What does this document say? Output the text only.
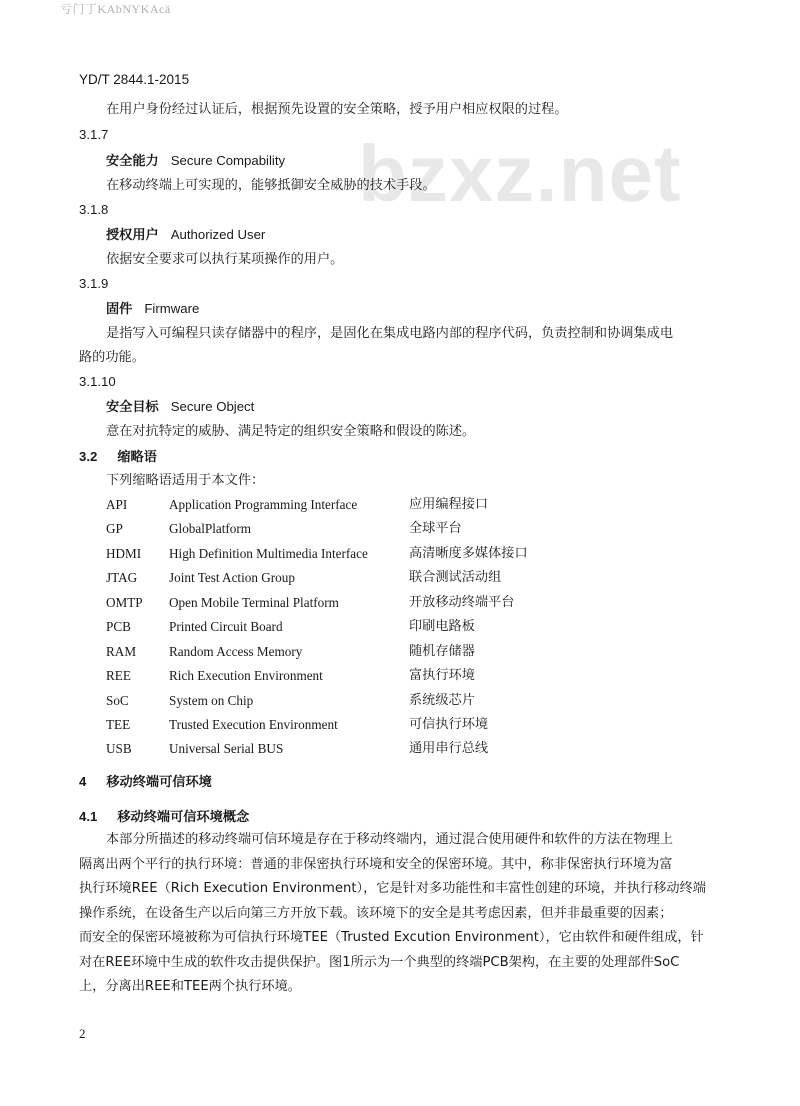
亏门丁KAbNYKAcä
bzxz.net
YD/T 2844.1-2015
在用户身份经过认证后，根据预先设置的安全策略，授予用户相应权限的过程。
3.1.7
安全能力 Secure Compability
在移动终端上可实现的，能够抵御安全威胁的技术手段。
3.1.8
授权用户 Authorized User
依据安全要求可以执行某项操作的用户。
3.1.9
固件 Firmware
是指写入可编程只读存储器中的程序，是固化在集成电路内部的程序代码，负责控制和协调集成电
路的功能。
3.1.10
安全目标 Secure Object
意在对抗特定的威胁、满足特定的组织安全策略和假设的陈述。
3.2 缩略语
下列缩略语适用于本文件：
API	Application Programming Interface	应用编程接口
GP	GlobalPlatform	全球平台
HDMI High Definition Multimedia Interface	高清晰度多媒体接口
JTAG Joint Test Action Group	联合测试活动组
OMTP Open Mobile Terminal Platform	开放移动终端平台
PCB	Printed Circuit Board	印刷电路板
RAM Random Access Memory	随机存储器
REE	Rich Execution Environment	富执行环境
SoC	System on Chip	系统级芯片
TEE	Trusted Execution Environment	可信执行环境
USB	Universal Serial BUS	通用串行总线
4 移动终端可信环境
4.1 移动终端可信环境概念
本部分所描述的移动终端可信环境是存在于移动终端内，通过混合使用硬件和软件的方法在物理上
隔离出两个平行的执行环境：普通的非保密执行环境和安全的保密环境。其中，称非保密执行环境为富
执行环境REE（Rich Execution Environment），它是针对多功能性和丰富性创建的环境，并执行移动终端
操作系统，在设备生产以后向第三方开放下载。该环境下的安全是其考虑因素，但并非最重要的因素；
而安全的保密环境被称为可信执行环境TEE（Trusted Excution Environment），它由软件和硬件组成，针
对在REE环境中生成的软件攻击提供保护。图1所示为一个典型的终端PCB架构，在主要的处理部件SoC
上，分离出REE和TEE两个执行环境。
2
